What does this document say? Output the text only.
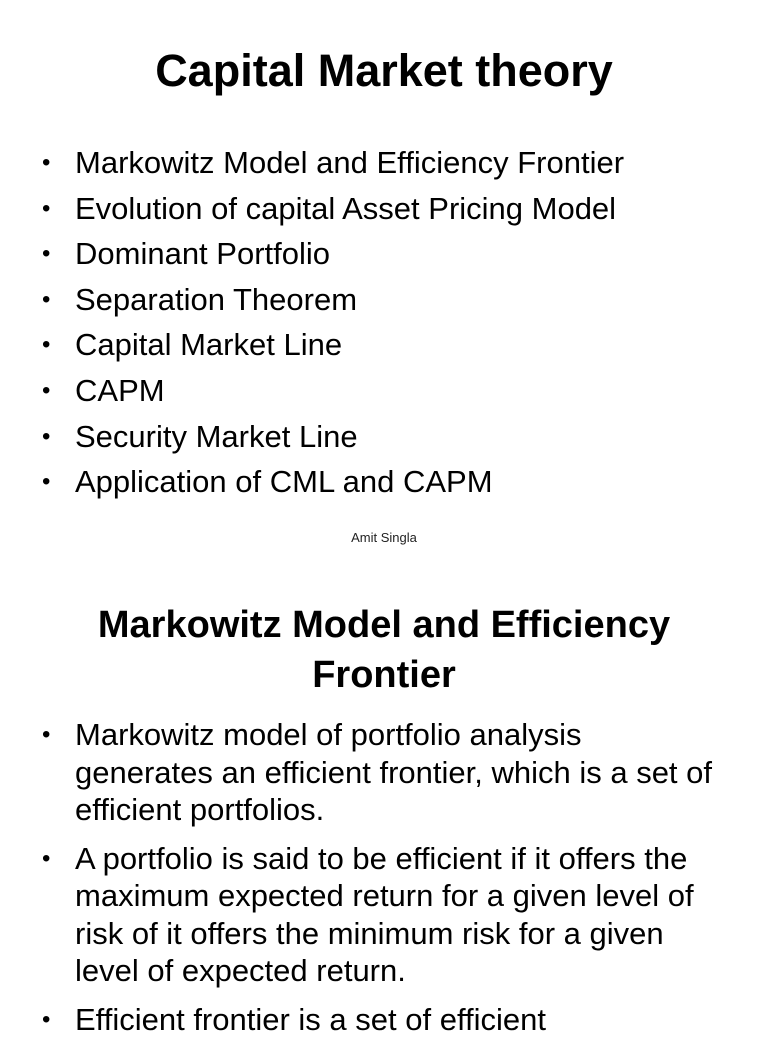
Capital Market theory
• Markowitz Model and Efficiency Frontier
• Evolution of capital Asset Pricing Model
• Dominant Portfolio
• Separation Theorem
• Capital Market Line
• CAPM
• Security Market Line
• Application of CML and CAPM
Amit Singla
Markowitz Model and Efficiency Frontier
• Markowitz model of portfolio analysis generates an efficient frontier, which is a set of efficient portfolios.
• A portfolio is said to be efficient if it offers the maximum expected return for a given level of risk of it offers the minimum risk for a given level of expected return.
• Efficient frontier is a set of efficient
